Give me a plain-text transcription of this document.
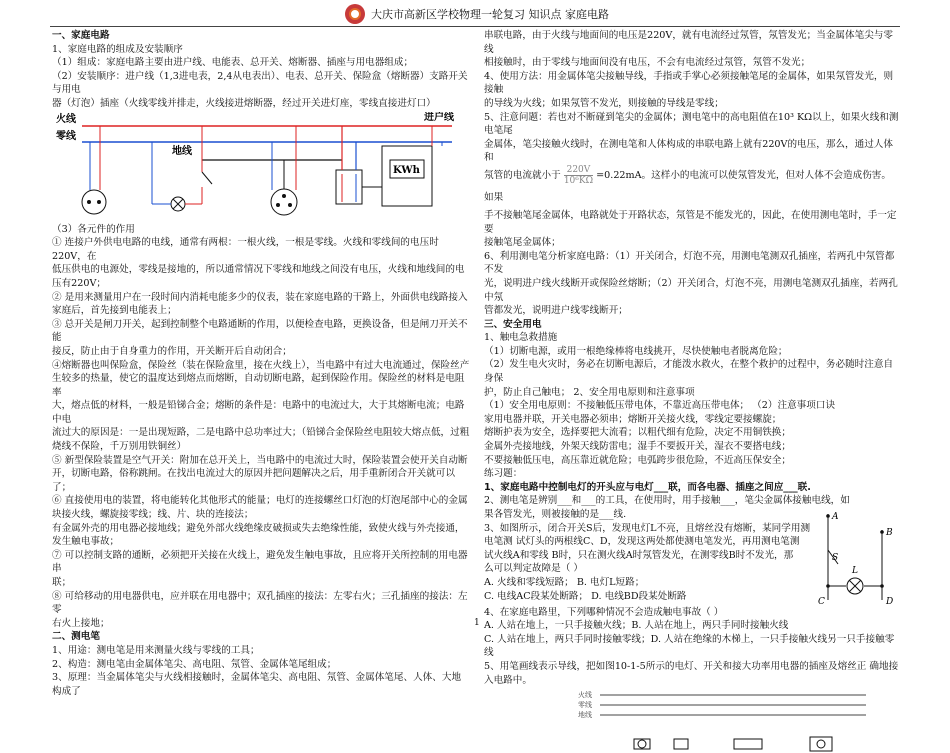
大庆市高新区学校物理一轮复习 知识点 家庭电路

一、家庭电路

1、家庭电路的组成及安装顺序

（1）组成：家庭电路主要由进户线、电能表、总开关、熔断器、插座与用电器组成；

（2）安装顺序：进户线（1,3进电表，2,4从电表出）、电表、总开关、保险盒（熔断器）支路开关与用电

器（灯泡）插座（火线零线并排走，火线接进熔断器，经过开关进灯座，零线直接进灯口）

火线
零线
地线
进户线
KWh

（3）各元件的作用

① 连接户外供电电路的电线，通常有两根：一根火线，一根是零线。火线和零线间的电压时220V，在

低压供电的电源处，零线是接地的，所以通常情况下零线和地线之间没有电压，火线和地线间的电

压有220V；

② 是用来测量用户在一段时间内消耗电能多少的仪表，装在家庭电路的干路上，外面供电线路接入

家庭后，首先接到电能表上；

③ 总开关是闸刀开关，起到控制整个电路通断的作用，以便检查电路，更换设备，但是闸刀开关不能

接反，防止由于自身重力的作用，开关断开后自动闭合；

④熔断器也叫保险盒，保险丝（装在保险盒里，接在火线上），当电路中有过大电流通过，保险丝产

生较多的热量，使它的温度达到熔点而熔断，自动切断电路，起到保险作用。保险丝的材料是电阻率

大，熔点低的材料，一般是铅锑合金；熔断的条件是：电路中的电流过大，大于其熔断电流；电路中电

流过大的原因是：一是出现短路，二是电路中总功率过大；（铅锑合金保险丝电阻较大熔点低，过粗

烧线不保险，千万别用铁铜丝）

⑤ 新型保险装置是空气开关：附加在总开关上，当电路中的电流过大时，保险装置会使开关自动断

开，切断电路，俗称跳闸。在找出电流过大的原因并把问题解决之后，用手重新闭合开关就可以了；

⑥ 直接使用电的装置，将电能转化其他形式的能量；电灯的连接螺丝口灯泡的灯泡尾部中心的金属

块接火线，螺旋接零线；线、片、块的连接法；

有金属外壳的用电器必接地线；避免外部火线绝缘皮破损或失去绝缘性能，致使火线与外壳接通，

发生触电事故；

⑦ 可以控制支路的通断，必须把开关接在火线上，避免发生触电事故，且应将开关所控制的用电器串

联；

⑧ 可给移动的用电器供电，应并联在用电器中；双孔插座的接法：左零右火；三孔插座的接法：左零

右火上接地；

二、测电笔

1、用途：测电笔是用来测量火线与零线的工具；

2、构造：测电笔由金属体笔尖、高电阻、氖管、金属体笔尾组成；

3、原理：当金属体笔尖与火线相接触时，金属体笔尖、高电阻、氖管、金属体笔尾、人体、大地构成了

串联电路，由于火线与地面间的电压是220V，就有电流经过氖管，氖管发光；当金属体笔尖与零线

相接触时，由于零线与地面间没有电压，不会有电流经过氖管，氖管不发光；

4、使用方法：用金属体笔尖接触导线，手指或手掌心必须接触笔尾的金属体，如果氖管发光，则接触

的导线为火线；如果氖管不发光，则接触的导线是零线；

5、注意问题：若也对不断碰到笔尖的金属体；测电笔中的高电阻值在10³ KΩ以上，如果火线和测电笔尾

金属体，笔尖接触火线时，在测电笔和人体构成的串联电路上就有220V的电压，那么，通过人体和

氖管的电流就小于 $\frac{220V}{\text{10⁶KΩ}} =0.22mA$。这样小的电流可以使氖管发光，但对人体不会造成伤害。如果

手不接触笔尾金属体，电路就处于开路状态，氖管是不能发光的，因此，在使用测电笔时，手一定要

接触笔尾金属体；

6、利用测电笔分析家庭电路：（1）开关闭合，灯泡不亮，用测电笔测双孔插座，若两孔中氖管都不发

光，说明进户线火线断开或保险丝熔断；（2）开关闭合，灯泡不亮，用测电笔测双孔插座，若两孔中氖

管都发光，说明进户线零线断开；

三、安全用电

1、触电急救措施

（1）切断电源，或用一根绝缘棒将电线挑开，尽快使触电者脱离危险；

（2）发生电火灾时，务必在切断电源后，才能泼水救火，在整个救护的过程中，务必随时注意自身保

护，防止自己触电； 2、安全用电原则和注意事项

（1）安全用电原则：不接触低压带电体，不靠近高压带电体； （2）注意事项口诀

家用电器并联，开关电器必须串；熔断开关接火线，零线定要接螺旋；

熔断护表为安全，选择要把大流看；以粗代细有危险，决定不用铜铁换；

金属外壳接地线，外架天线防雷电；湿手不要扳开关，湿衣不要搭电线；

不要接触低压电，高压靠近就危险；电弧跨步很危险，不近高压保安全；

练习题：

1、家庭电路中控制电灯的开头应与电灯___联，而各电器、插座之间应___联.

2、测电笔是辨别___和___的工具，在使用时，用手接触___，笔尖金属体接触电线，如

果各管发光，则被接触的是___线.

3、如图所示，闭合开关S后，发现电灯L不亮，且熔丝没有熔断，某同学用测

电笔测 试灯头的两根线C、D，发现这两处都使测电笔发光，再用测电笔测

试火线A和零线 B时，只在测火线A时氖管发光，在测零线B时不发光，那

么可以判定故障是（ ）

A. 火线和零线短路； B. 电灯L短路；

C. 电线AC段某处断路； D. 电线BD段某处断路

A
B
S
L
C	D

4、在家庭电路里，下列哪种情况不会造成触电事故（ ）

A. 人站在地上，一只手接触火线；B. 人站在地上，两只手同时接触火线

C. 人站在地上，两只手同时接触零线；D. 人站在绝缘的木梯上，一只手接触火线另一只手接触零线

5、用笔画线表示导线，把如图10-1-5所示的电灯、开关和接大功率用电器的插座及熔丝正 确地接

入电路中。

火线
零线
地线
1
